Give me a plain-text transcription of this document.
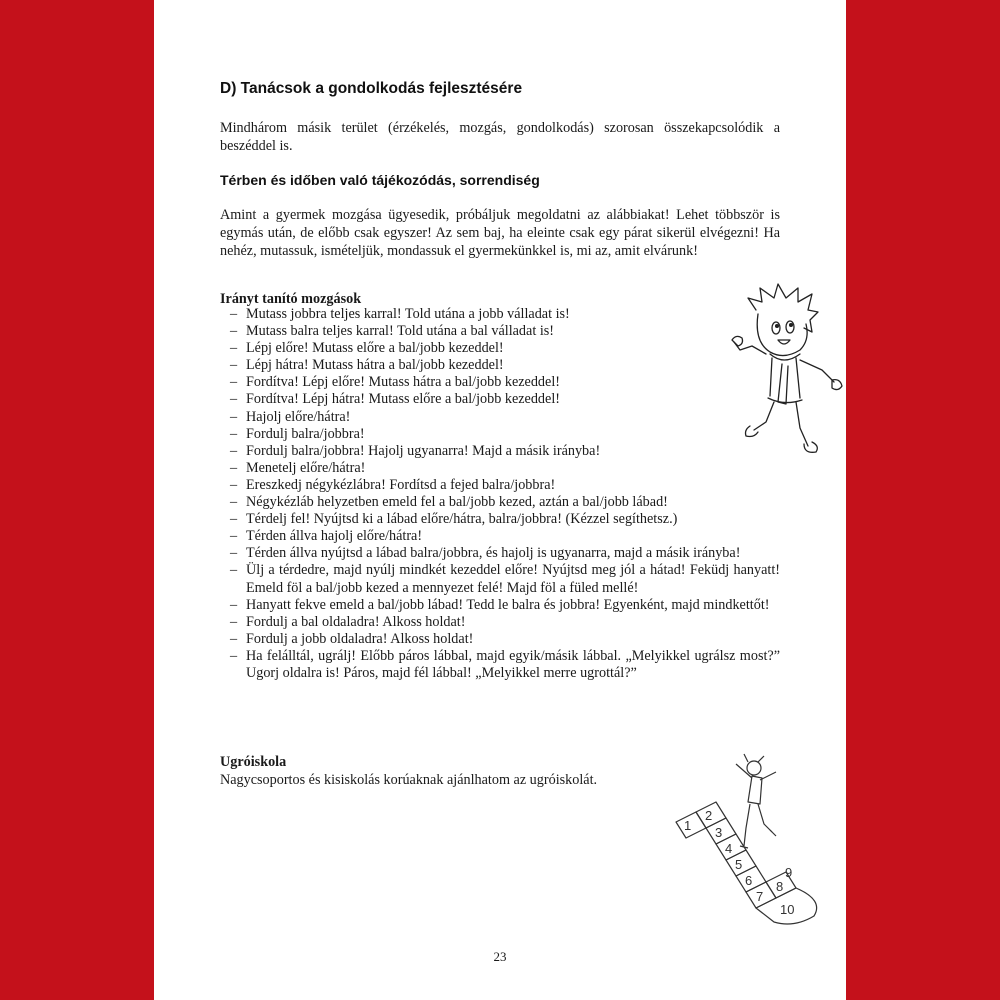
D) Tanácsok a gondolkodás fejlesztésére
Mindhárom másik terület (érzékelés, mozgás, gondolkodás) szorosan összekapcsolódik a beszéddel is.
Térben és időben való tájékozódás, sorrendiség
Amint a gyermek mozgása ügyesedik, próbáljuk megoldatni az alábbiakat! Lehet többször is egymás után, de előbb csak egyszer! Az sem baj, ha eleinte csak egy párat sikerül elvégezni! Ha nehéz, mutassuk, ismételjük, mondassuk el gyermekünkkel is, mi az, amit elvárunk!
Irányt tanító mozgások
– Mutass jobbra teljes karral! Told utána a jobb válladat is!
– Mutass balra teljes karral! Told utána a bal válladat is!
– Lépj előre! Mutass előre a bal/jobb kezeddel!
– Lépj hátra! Mutass hátra a bal/jobb kezeddel!
– Fordítva! Lépj előre! Mutass hátra a bal/jobb kezeddel!
– Fordítva! Lépj hátra! Mutass előre a bal/jobb kezeddel!
– Hajolj előre/hátra!
– Fordulj balra/jobbra!
– Fordulj balra/jobbra! Hajolj ugyanarra! Majd a másik irányba!
– Menetelj előre/hátra!
– Ereszkedj négykézlábra! Fordítsd a fejed balra/jobbra!
– Négykézláb helyzetben emeld fel a bal/jobb kezed, aztán a bal/jobb lábad!
– Térdelj fel! Nyújtsd ki a lábad előre/hátra, balra/jobbra! (Kézzel segíthetsz.)
– Térden állva hajolj előre/hátra!
– Térden állva nyújtsd a lábad balra/jobbra, és hajolj is ugyanarra, majd a másik irányba!
– Ülj a térdedre, majd nyúlj mindkét kezeddel előre! Nyújtsd meg jól a hátad! Feküdj hanyatt! Emeld föl a bal/jobb kezed a mennyezet felé! Majd föl a füled mellé!
– Hanyatt fekve emeld a bal/jobb lábad! Tedd le balra és jobbra! Egyenként, majd mindkettőt!
– Fordulj a bal oldaladra! Alkoss holdat!
– Fordulj a jobb oldaladra! Alkoss holdat!
– Ha felálltál, ugrálj! Előbb páros lábbal, majd egyik/másik lábbal. „Melyikkel ugrálsz most?” Ugorj oldalra is! Páros, majd fél lábbal! „Melyikkel merre ugrottál?”
Ugróiskola
Nagycsoportos és kisiskolás korúaknak ajánlhatom az ugróiskolát.
1
2
3
4
5
6
7
8
9
10
23
